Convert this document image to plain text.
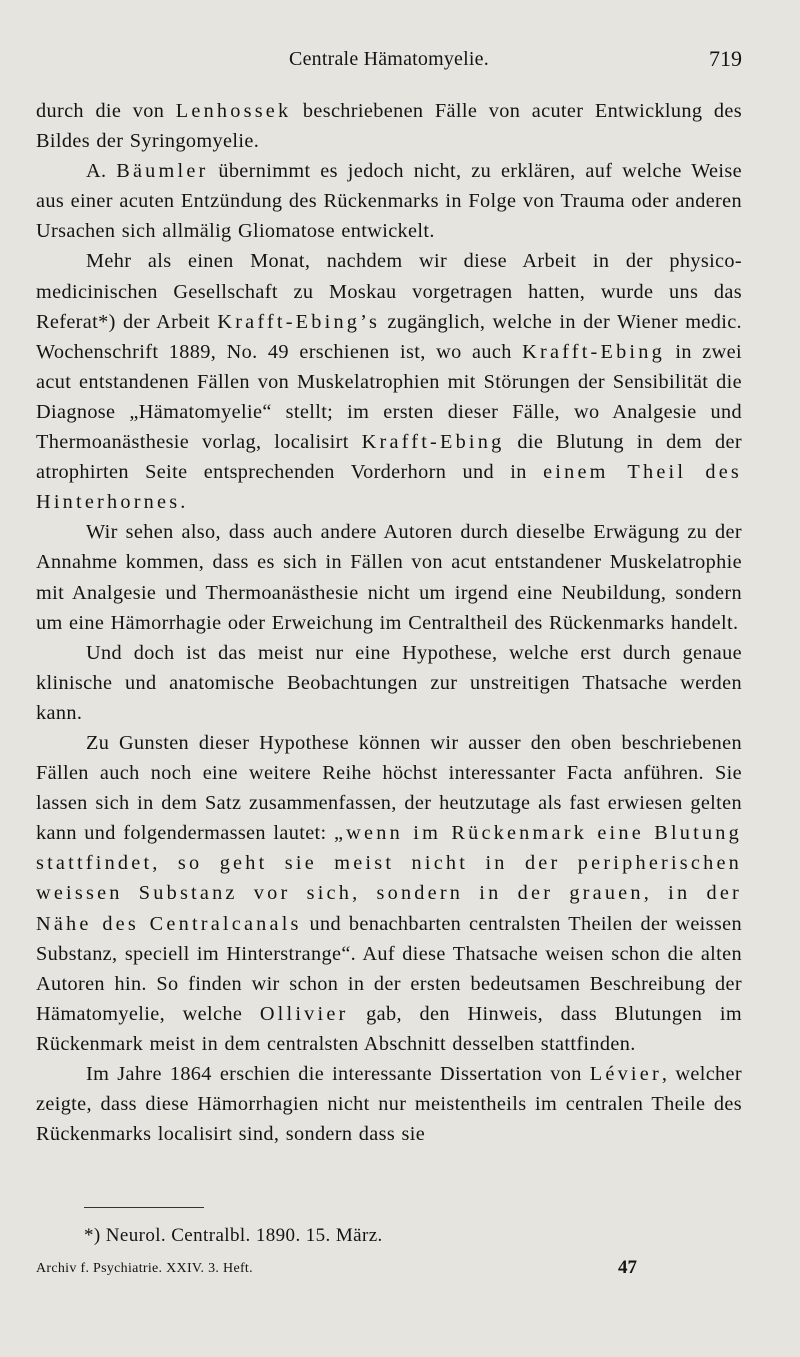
Centrale Hämatomyelie.	719

durch die von Lenhossek beschriebenen Fälle von acuter Entwicklung des Bildes der Syringomyelie.

A. Bäumler übernimmt es jedoch nicht, zu erklären, auf welche Weise aus einer acuten Entzündung des Rückenmarks in Folge von Trauma oder anderen Ursachen sich allmälig Gliomatose entwickelt.

Mehr als einen Monat, nachdem wir diese Arbeit in der physico-medicinischen Gesellschaft zu Moskau vorgetragen hatten, wurde uns das Referat*) der Arbeit Krafft-Ebing’s zugänglich, welche in der Wiener medic. Wochenschrift 1889, No. 49 erschienen ist, wo auch Krafft-Ebing in zwei acut entstandenen Fällen von Muskelatrophien mit Störungen der Sensibilität die Diagnose „Hämatomyelie“ stellt; im ersten dieser Fälle, wo Analgesie und Thermoanästhesie vorlag, localisirt Krafft-Ebing die Blutung in dem der atrophirten Seite entsprechenden Vorderhorn und in einem Theil des Hinterhornes.

Wir sehen also, dass auch andere Autoren durch dieselbe Erwägung zu der Annahme kommen, dass es sich in Fällen von acut entstandener Muskelatrophie mit Analgesie und Thermoanästhesie nicht um irgend eine Neubildung, sondern um eine Hämorrhagie oder Erweichung im Centraltheil des Rückenmarks handelt.

Und doch ist das meist nur eine Hypothese, welche erst durch genaue klinische und anatomische Beobachtungen zur unstreitigen Thatsache werden kann.

Zu Gunsten dieser Hypothese können wir ausser den oben beschriebenen Fällen auch noch eine weitere Reihe höchst interessanter Facta anführen. Sie lassen sich in dem Satz zusammenfassen, der heutzutage als fast erwiesen gelten kann und folgendermassen lautet: „wenn im Rückenmark eine Blutung stattfindet, so geht sie meist nicht in der peripherischen weissen Substanz vor sich, sondern in der grauen, in der Nähe des Centralcanals und benachbarten centralsten Theilen der weissen Substanz, speciell im Hinterstrange“. Auf diese Thatsache weisen schon die alten Autoren hin. So finden wir schon in der ersten bedeutsamen Beschreibung der Hämatomyelie, welche Ollivier gab, den Hinweis, dass Blutungen im Rückenmark meist in dem centralsten Abschnitt desselben stattfinden.

Im Jahre 1864 erschien die interessante Dissertation von Lévier, welcher zeigte, dass diese Hämorrhagien nicht nur meistentheils im centralen Theile des Rückenmarks localisirt sind, sondern dass sie

*) Neurol. Centralbl. 1890. 15. März.
Archiv f. Psychiatrie. XXIV. 3. Heft.	47
